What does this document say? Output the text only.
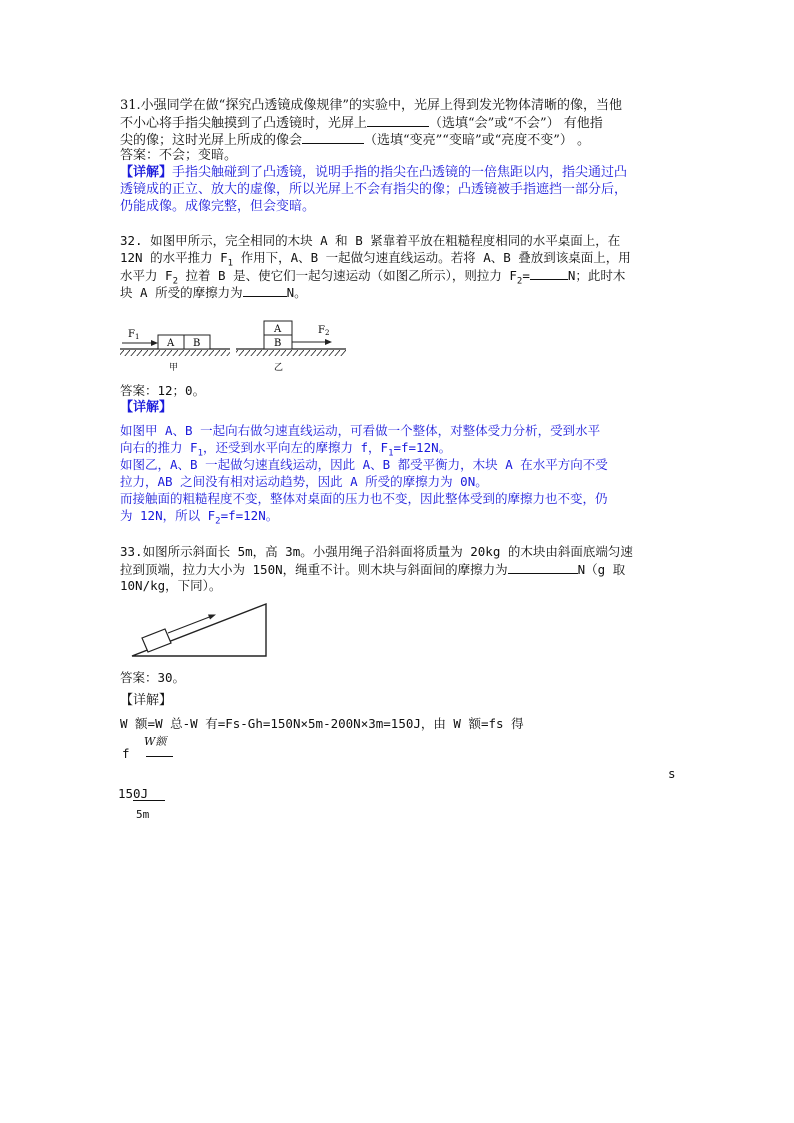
31.小强同学在做“探究凸透镜成像规律”的实验中，光屏上得到发光物体清晰的像，当他
不小心将手指尖触摸到了凸透镜时，光屏上	（选填“会”或“不会”） 有他指
尖的像；这时光屏上所成的像会	（选填“变亮”“变暗”或“亮度不变”） 。
答案：不会；变暗。
【详解】手指尖触碰到了凸透镜，说明手指的指尖在凸透镜的一倍焦距以内，指尖通过凸
透镜成的正立、放大的虚像，所以光屏上不会有指尖的像；凸透镜被手指遮挡一部分后，
仍能成像。成像完整，但会变暗。
32. 如图甲所示，完全相同的木块 A 和 B 紧靠着平放在粗糙程度相同的水平桌面上，在
12N 的水平推力 $F_1$ 作用下，A、B 一起做匀速直线运动。若将 A、B 叠放到该桌面上，用
水平力 $F_2$ 拉着 B 是、使它们一起匀速运动（如图乙所示），则拉力 $F_2=$	N；此时木
块 A 所受的摩擦力为	N。
$F_1$
A B
甲
A
B
$F_2$
乙
答案：12；0。
【详解】
如图甲 A、B 一起向右做匀速直线运动，可看做一个整体，对整体受力分析，受到水平
向右的推力 $F_1$，还受到水平向左的摩擦力 f，$F_1=f=12N$。
如图乙，A、B 一起做匀速直线运动，因此 A、B 都受平衡力，木块 A 在水平方向不受
拉力，AB 之间没有相对运动趋势，因此 A 所受的摩擦力为 0N。
而接触面的粗糙程度不变，整体对桌面的压力也不变，因此整体受到的摩擦力也不变，仍
为 12N，所以 $F_2=f=12N$。
33.如图所示斜面长 5m，高 3m。小强用绳子沿斜面将质量为 20kg 的木块由斜面底端匀速
拉到顶端，拉力大小为 150N，绳重不计。则木块与斜面间的摩擦力为	N（g 取
10N/kg，下同）。
答案：30。
【详解】
W 额=W 总-W 有=Fs-Gh=150N×5m-200N×3m=150J，由 W 额=fs 得
f
W额
s
150J
5m
